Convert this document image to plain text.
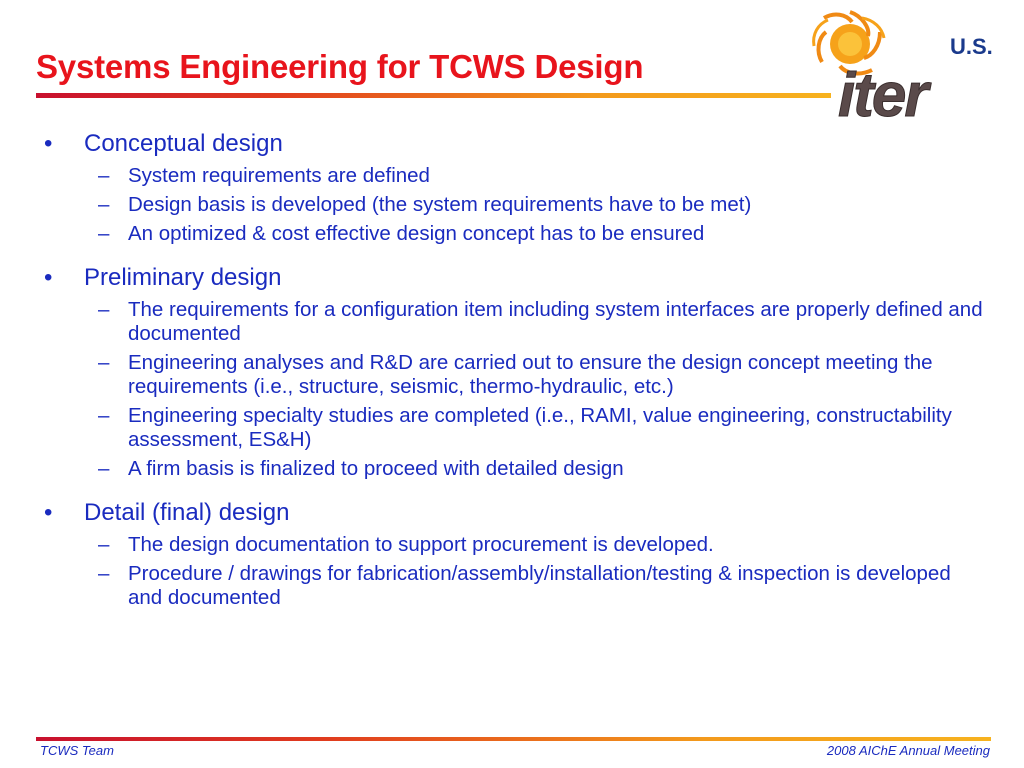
Systems Engineering for TCWS Design
U.S.
iter
• Conceptual design
– System requirements are defined
– Design basis is developed (the system requirements have to be met)
– An optimized & cost effective design concept has to be ensured
• Preliminary design
– The requirements for a configuration item including system interfaces are properly defined and documented
– Engineering analyses and R&D are carried out to ensure the design concept meeting the requirements (i.e., structure, seismic, thermo-hydraulic, etc.)
– Engineering specialty studies are completed (i.e., RAMI, value engineering, constructability assessment, ES&H)
– A firm basis is finalized to proceed with detailed design
• Detail (final) design
– The design documentation to support procurement is developed.
– Procedure / drawings for fabrication/assembly/installation/testing & inspection is developed and documented
TCWS Team	2008 AIChE Annual Meeting
